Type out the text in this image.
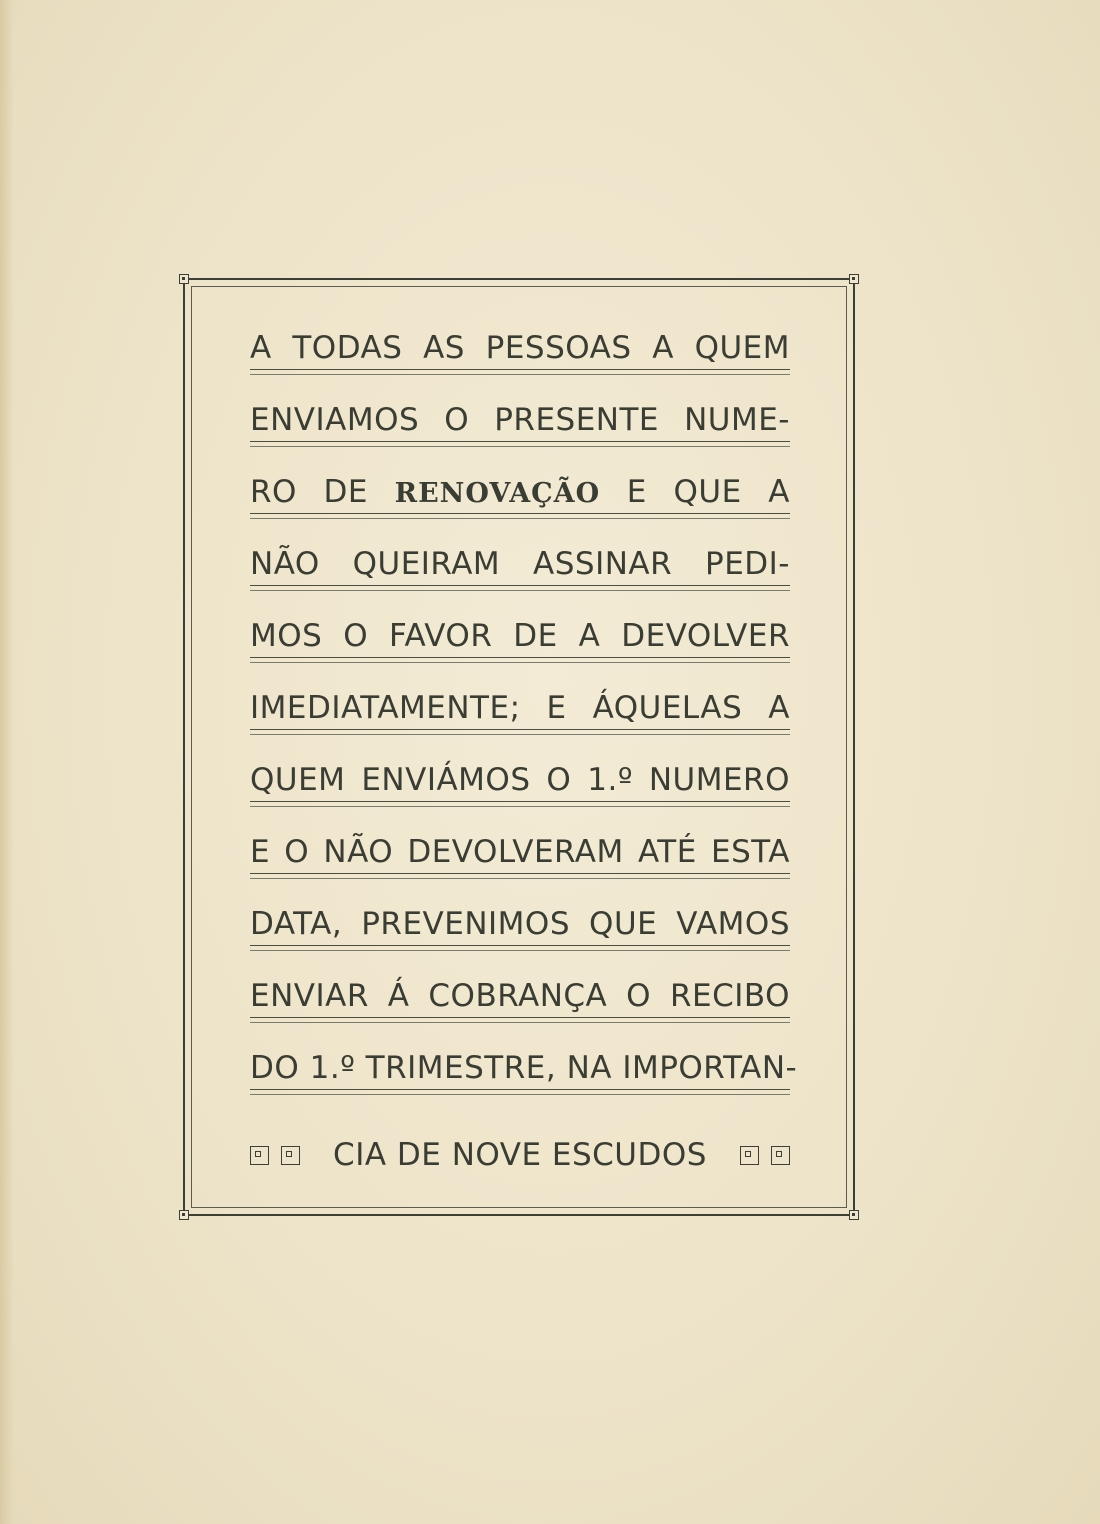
A TODAS AS PESSOAS A QUEM
ENVIAMOS O PRESENTE NUME-
RO DE RENOVAÇÃO E QUE A
NÃO QUEIRAM ASSINAR PEDI-
MOS O FAVOR DE A DEVOLVER
IMEDIATAMENTE; E ÁQUELAS A
QUEM ENVIÁMOS O 1.º NUMERO
E O NÃO DEVOLVERAM ATÉ ESTA
DATA, PREVENIMOS QUE VAMOS
ENVIAR Á COBRANÇA O RECIBO
DO 1.º TRIMESTRE, NA IMPORTAN-
CIA DE NOVE ESCUDOS
